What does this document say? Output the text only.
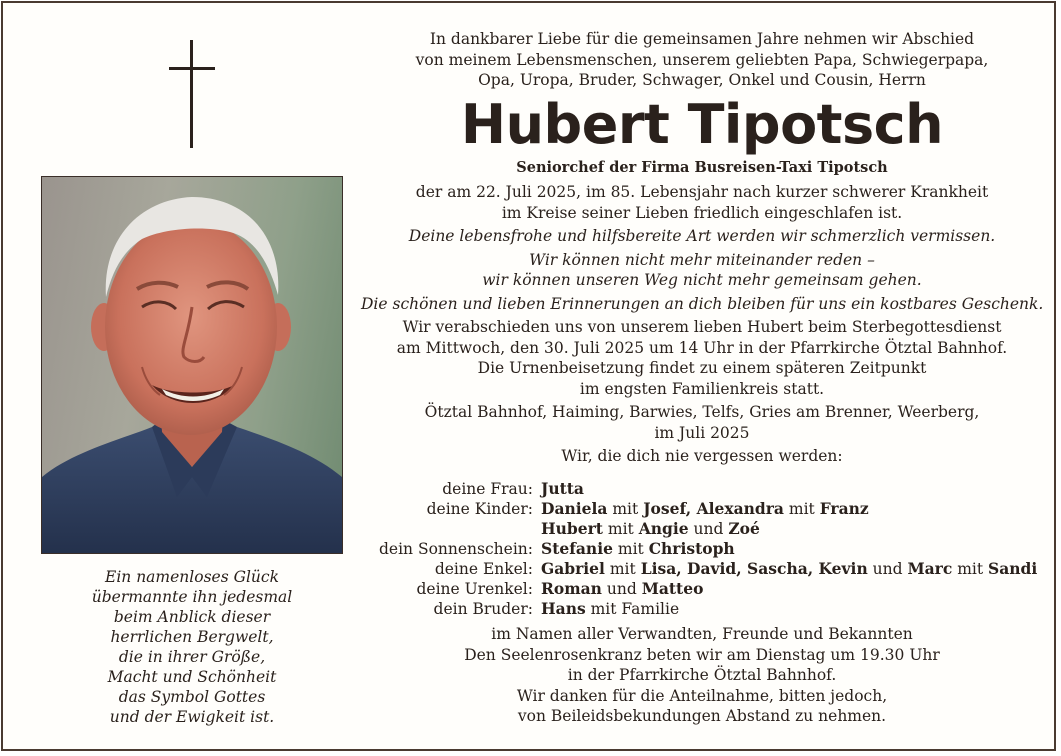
Ein namenloses Glück
übermannte ihn jedesmal
beim Anblick dieser
herrlichen Bergwelt,
die in ihrer Größe,
Macht und Schönheit
das Symbol Gottes
und der Ewigkeit ist.
In dankbarer Liebe für die gemeinsamen Jahre nehmen wir Abschied
von meinem Lebensmenschen, unserem geliebten Papa, Schwiegerpapa,
Opa, Uropa, Bruder, Schwager, Onkel und Cousin, Herrn
Hubert Tipotsch
Seniorchef der Firma Busreisen-Taxi Tipotsch
der am 22. Juli 2025, im 85. Lebensjahr nach kurzer schwerer Krankheit
im Kreise seiner Lieben friedlich eingeschlafen ist.
Deine lebensfrohe und hilfsbereite Art werden wir schmerzlich vermissen.
Wir können nicht mehr miteinander reden –
wir können unseren Weg nicht mehr gemeinsam gehen.
Die schönen und lieben Erinnerungen an dich bleiben für uns ein kostbares Geschenk.
Wir verabschieden uns von unserem lieben Hubert beim Sterbegottesdienst
am Mittwoch, den 30. Juli 2025 um 14 Uhr in der Pfarrkirche Ötztal Bahnhof.
Die Urnenbeisetzung findet zu einem späteren Zeitpunkt
im engsten Familienkreis statt.
Ötztal Bahnhof, Haiming, Barwies, Telfs, Gries am Brenner, Weerberg,
im Juli 2025
Wir, die dich nie vergessen werden:
deine Frau: Jutta
deine Kinder: Daniela mit Josef, Alexandra mit Franz
Hubert mit Angie und Zoé
dein Sonnenschein: Stefanie mit Christoph
deine Enkel: Gabriel mit Lisa, David, Sascha, Kevin und Marc mit Sandi
deine Urenkel: Roman und Matteo
dein Bruder: Hans mit Familie
im Namen aller Verwandten, Freunde und Bekannten
Den Seelenrosenkranz beten wir am Dienstag um 19.30 Uhr
in der Pfarrkirche Ötztal Bahnhof.
Wir danken für die Anteilnahme, bitten jedoch,
von Beileidsbekundungen Abstand zu nehmen.
